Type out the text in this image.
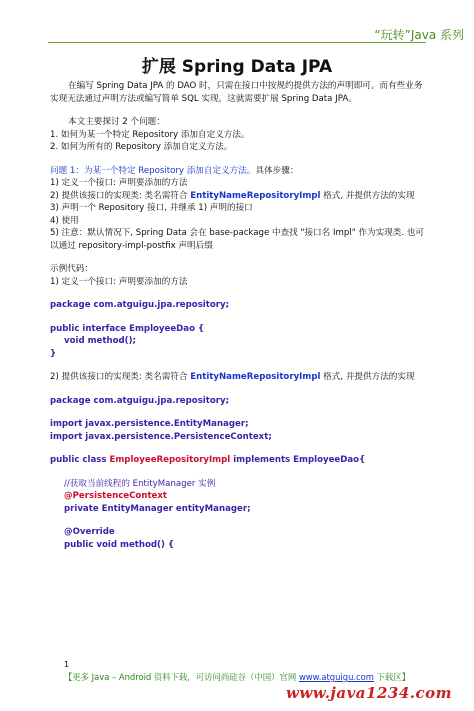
“玩转”Java 系列
扩展 Spring Data JPA

在编写 Spring Data JPA 的 DAO 时，只需在接口中按规约提供方法的声明即可。而有些业务实现无法通过声明方法或编写简单 SQL 实现，这就需要扩展 Spring Data JPA。

本文主要探讨 2 个问题：

1. 如何为某一个特定 Repository 添加自定义方法。

2. 如何为所有的 Repository 添加自定义方法。

问题 1：为某一个特定 Repository 添加自定义方法。具体步骤：

1) 定义一个接口: 声明要添加的方法

2) 提供该接口的实现类: 类名需符合 EntityNameRepositoryImpl 格式, 并提供方法的实现

3) 声明一个 Repository 接口, 并继承 1) 声明的接口

4) 使用

5) 注意：默认情况下, Spring Data 会在 base-package 中查找 "接口名 Impl" 作为实现类. 也可以通过 repository-impl-postfix 声明后缀

示例代码：

1) 定义一个接口: 声明要添加的方法

package com.atguigu.jpa.repository;

public interface EmployeeDao {

void method();

}

2) 提供该接口的实现类: 类名需符合 EntityNameRepositoryImpl 格式, 并提供方法的实现

package com.atguigu.jpa.repository;

import javax.persistence.EntityManager;

import javax.persistence.PersistenceContext;

public class EmployeeRepositoryImpl implements EmployeeDao{

//获取当前线程的 EntityManager 实例

@PersistenceContext

private EntityManager entityManager;

@Override

public void method() {

1
【更多 Java – Android 资料下载，可访问尚硅谷（中国）官网 www.atguigu.com 下载区】
www.java1234.com
